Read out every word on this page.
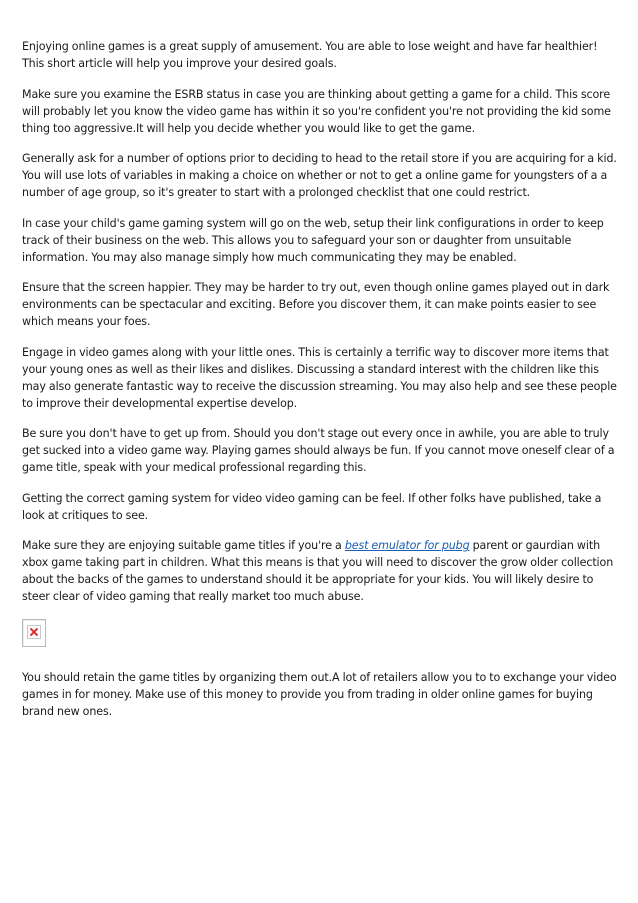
Enjoying online games is a great supply of amusement. You are able to lose weight and have far healthier! This short article will help you improve your desired goals.

Make sure you examine the ESRB status in case you are thinking about getting a game for a child. This score will probably let you know the video game has within it so you're confident you're not providing the kid some thing too aggressive.It will help you decide whether you would like to get the game.

Generally ask for a number of options prior to deciding to head to the retail store if you are acquiring for a kid. You will use lots of variables in making a choice on whether or not to get a online game for youngsters of a a number of age group, so it's greater to start with a prolonged checklist that one could restrict.

In case your child's game gaming system will go on the web, setup their link configurations in order to keep track of their business on the web. This allows you to safeguard your son or daughter from unsuitable information. You may also manage simply how much communicating they may be enabled.

Ensure that the screen happier. They may be harder to try out, even though online games played out in dark environments can be spectacular and exciting. Before you discover them, it can make points easier to see which means your foes.

Engage in video games along with your little ones. This is certainly a terrific way to discover more items that your young ones as well as their likes and dislikes. Discussing a standard interest with the children like this may also generate fantastic way to receive the discussion streaming. You may also help and see these people to improve their developmental expertise develop.

Be sure you don't have to get up from. Should you don't stage out every once in awhile, you are able to truly get sucked into a video game way. Playing games should always be fun. If you cannot move oneself clear of a game title, speak with your medical professional regarding this.

Getting the correct gaming system for video video gaming can be feel. If other folks have published, take a look at critiques to see.

Make sure they are enjoying suitable game titles if you're a best emulator for pubg parent or gaurdian with xbox game taking part in children. What this means is that you will need to discover the grow older collection about the backs of the games to understand should it be appropriate for your kids. You will likely desire to steer clear of video gaming that really market too much abuse.

You should retain the game titles by organizing them out.A lot of retailers allow you to to exchange your video games in for money. Make use of this money to provide you from trading in older online games for buying brand new ones.
